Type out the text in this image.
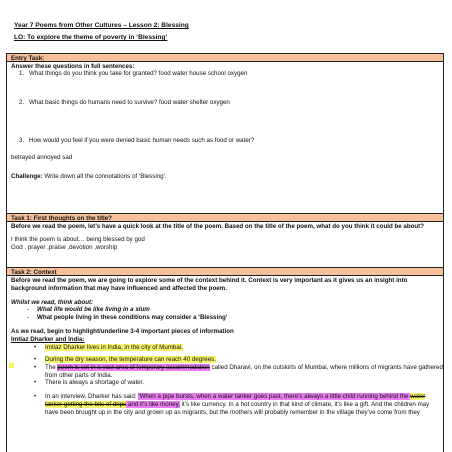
Year 7 Poems from Other Cultures – Lesson 2: Blessing
LO: To explore the theme of poverty in ‘Blessing’
Entry Task:
Answer these questions in full sentences:
1. What things do you think you take for granted? food water house school oxygen
2. What basic things do humans need to survive? food water shelter oxygen
3. How would you feel if you were denied basic human needs such as food or water?
betrayed annoyed sad
Challenge: Write down all the connotations of ‘Blessing’.
Task 1: First thoughts on the title?
Before we read the poem, let’s have a quick look at the title of the poem. Based on the title of the poem, what do you think it could be about?
I think the poem is about… being blessed by god
God , prayer ,praise ,devotion ,worship
Task 2: Context
Before we read the poem, we are going to explore some of the context behind it. Context is very important as it gives us an insight into background information that may have influenced and affected the poem.
Whilst we read, think about:
- What life would be like living in a slum
- What people living in these conditions may consider a ‘Blessing’
As we read, begin to highlight/underline 3-4 important pieces of information
Imtiaz Dharker and India:
• Imtiaz Dharker lives in India, in the city of Mumbai.
• During the dry season, the temperature can reach 40 degrees.
• The poem is set in a vast area of temporary accommodation called Dharavi, on the outskirts of Mumbai, where millions of migrants have gathered from other parts of India.
• There is always a shortage of water.
• In an interview, Dharker has said: ‘When a pipe bursts, when a water tanker goes past, there’s always a little child running behind the water tanker getting the bits of drips and it’s like money, it’s like currency. In a hot country in that kind of climate, it’s like a gift. And the children may have been brought up in the city and grown up as migrants, but the mothers will probably remember in the village they’ve come from they
